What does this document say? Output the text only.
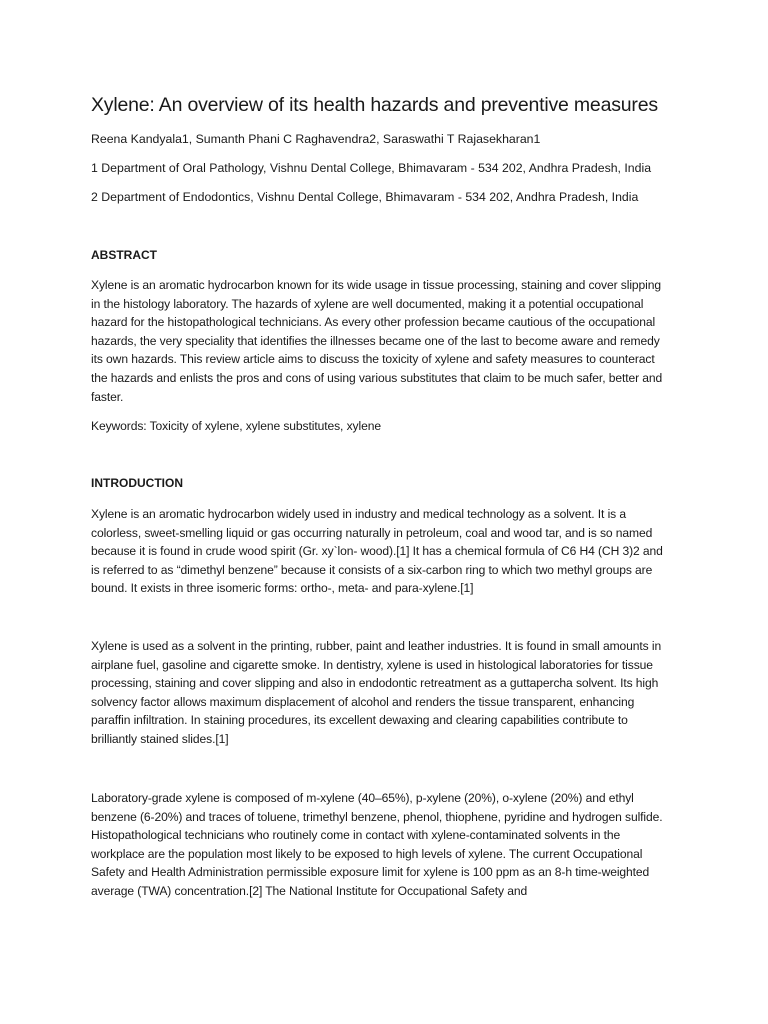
Xylene: An overview of its health hazards and preventive measures

Reena Kandyala1, Sumanth Phani C Raghavendra2, Saraswathi T Rajasekharan1

1 Department of Oral Pathology, Vishnu Dental College, Bhimavaram - 534 202, Andhra Pradesh, India

2 Department of Endodontics, Vishnu Dental College, Bhimavaram - 534 202, Andhra Pradesh, India

ABSTRACT

Xylene is an aromatic hydrocarbon known for its wide usage in tissue processing, staining and cover slipping in the histology laboratory. The hazards of xylene are well documented, making it a potential occupational hazard for the histopathological technicians. As every other profession became cautious of the occupational hazards, the very speciality that identifies the illnesses became one of the last to become aware and remedy its own hazards. This review article aims to discuss the toxicity of xylene and safety measures to counteract the hazards and enlists the pros and cons of using various substitutes that claim to be much safer, better and faster.

Keywords: Toxicity of xylene, xylene substitutes, xylene

INTRODUCTION

Xylene is an aromatic hydrocarbon widely used in industry and medical technology as a solvent. It is a colorless, sweet-smelling liquid or gas occurring naturally in petroleum, coal and wood tar, and is so named because it is found in crude wood spirit (Gr. xy`lon- wood).[1] It has a chemical formula of C6 H4 (CH 3)2 and is referred to as “dimethyl benzene” because it consists of a six-carbon ring to which two methyl groups are bound. It exists in three isomeric forms: ortho-, meta- and para-xylene.[1]

Xylene is used as a solvent in the printing, rubber, paint and leather industries. It is found in small amounts in airplane fuel, gasoline and cigarette smoke. In dentistry, xylene is used in histological laboratories for tissue processing, staining and cover slipping and also in endodontic retreatment as a guttapercha solvent. Its high solvency factor allows maximum displacement of alcohol and renders the tissue transparent, enhancing paraffin infiltration. In staining procedures, its excellent dewaxing and clearing capabilities contribute to brilliantly stained slides.[1]

Laboratory-grade xylene is composed of m-xylene (40–65%), p-xylene (20%), o-xylene (20%) and ethyl benzene (6-20%) and traces of toluene, trimethyl benzene, phenol, thiophene, pyridine and hydrogen sulfide. Histopathological technicians who routinely come in contact with xylene-contaminated solvents in the workplace are the population most likely to be exposed to high levels of xylene. The current Occupational Safety and Health Administration permissible exposure limit for xylene is 100 ppm as an 8-h time-weighted average (TWA) concentration.[2] The National Institute for Occupational Safety and
